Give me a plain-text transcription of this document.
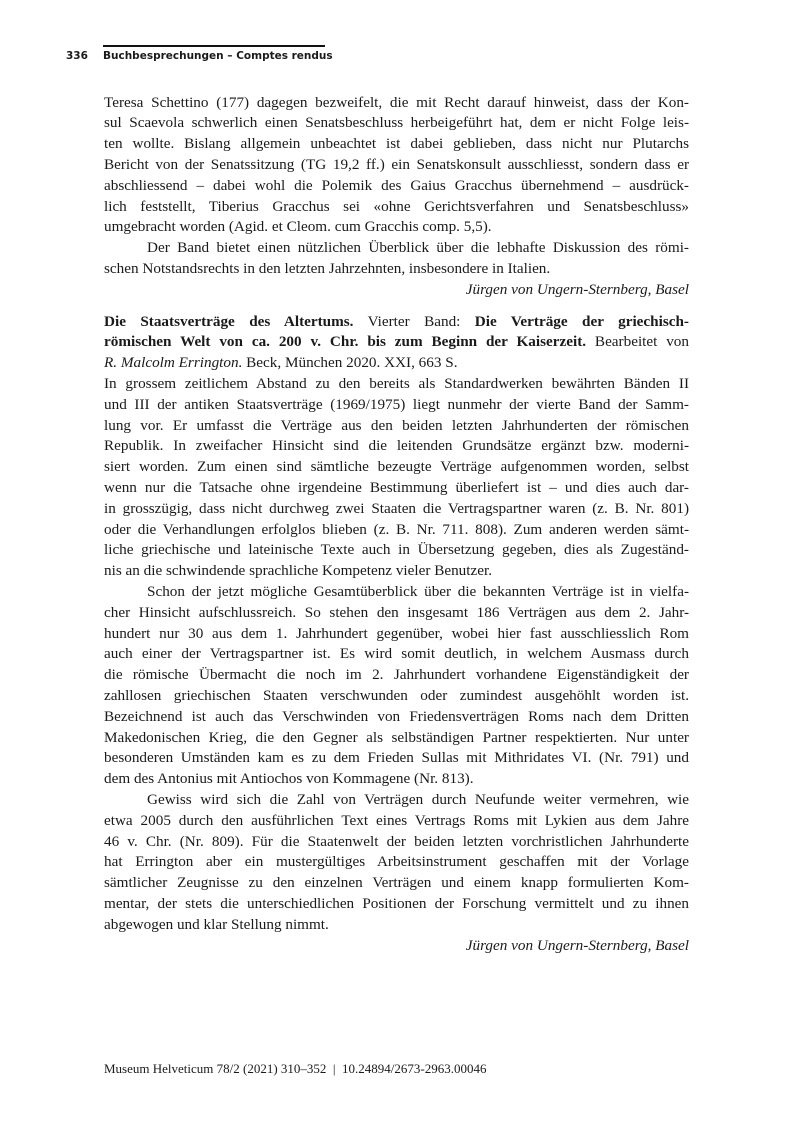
336 Buchbesprechungen – Comptes rendus
Teresa Schettino (177) dagegen bezweifelt, die mit Recht darauf hinweist, dass der Kon-
sul Scaevola schwerlich einen Senatsbeschluss herbeigeführt hat, dem er nicht Folge leis-
ten wollte. Bislang allgemein unbeachtet ist dabei geblieben, dass nicht nur Plutarchs
Bericht von der Senatssitzung (TG 19,2 ff.) ein Senatskonsult ausschliesst, sondern dass er
abschliessend – dabei wohl die Polemik des Gaius Gracchus übernehmend – ausdrück-
lich feststellt, Tiberius Gracchus sei «ohne Gerichtsverfahren und Senatsbeschluss»
umgebracht worden (Agid. et Cleom. cum Gracchis comp. 5,5).
Der Band bietet einen nützlichen Überblick über die lebhafte Diskussion des römi-
schen Notstandsrechts in den letzten Jahrzehnten, insbesondere in Italien.
Jürgen von Ungern-Sternberg, Basel
Die Staatsverträge des Altertums. Vierter Band: Die Verträge der griechisch-
römischen Welt von ca. 200 v. Chr. bis zum Beginn der Kaiserzeit. Bearbeitet von
R. Malcolm Errington. Beck, München 2020. XXI, 663 S.
In grossem zeitlichem Abstand zu den bereits als Standardwerken bewährten Bänden II
und III der antiken Staatsverträge (1969/1975) liegt nunmehr der vierte Band der Samm-
lung vor. Er umfasst die Verträge aus den beiden letzten Jahrhunderten der römischen
Republik. In zweifacher Hinsicht sind die leitenden Grundsätze ergänzt bzw. moderni-
siert worden. Zum einen sind sämtliche bezeugte Verträge aufgenommen worden, selbst
wenn nur die Tatsache ohne irgendeine Bestimmung überliefert ist – und dies auch dar-
in grosszügig, dass nicht durchweg zwei Staaten die Vertragspartner waren (z. B. Nr. 801)
oder die Verhandlungen erfolglos blieben (z. B. Nr. 711. 808). Zum anderen werden sämt-
liche griechische und lateinische Texte auch in Übersetzung gegeben, dies als Zugeständ-
nis an die schwindende sprachliche Kompetenz vieler Benutzer.
Schon der jetzt mögliche Gesamtüberblick über die bekannten Verträge ist in vielfa-
cher Hinsicht aufschlussreich. So stehen den insgesamt 186 Verträgen aus dem 2. Jahr-
hundert nur 30 aus dem 1. Jahrhundert gegenüber, wobei hier fast ausschliesslich Rom
auch einer der Vertragspartner ist. Es wird somit deutlich, in welchem Ausmass durch
die römische Übermacht die noch im 2. Jahrhundert vorhandene Eigenständigkeit der
zahllosen griechischen Staaten verschwunden oder zumindest ausgehöhlt worden ist.
Bezeichnend ist auch das Verschwinden von Friedensverträgen Roms nach dem Dritten
Makedonischen Krieg, die den Gegner als selbständigen Partner respektierten. Nur unter
besonderen Umständen kam es zu dem Frieden Sullas mit Mithridates VI. (Nr. 791) und
dem des Antonius mit Antiochos von Kommagene (Nr. 813).
Gewiss wird sich die Zahl von Verträgen durch Neufunde weiter vermehren, wie
etwa 2005 durch den ausführlichen Text eines Vertrags Roms mit Lykien aus dem Jahre
46 v. Chr. (Nr. 809). Für die Staatenwelt der beiden letzten vorchristlichen Jahrhunderte
hat Errington aber ein mustergültiges Arbeitsinstrument geschaffen mit der Vorlage
sämtlicher Zeugnisse zu den einzelnen Verträgen und einem knapp formulierten Kom-
mentar, der stets die unterschiedlichen Positionen der Forschung vermittelt und zu ihnen
abgewogen und klar Stellung nimmt.
Jürgen von Ungern-Sternberg, Basel
Museum Helveticum 78/2 (2021) 310–352  |  10.24894/2673-2963.00046
